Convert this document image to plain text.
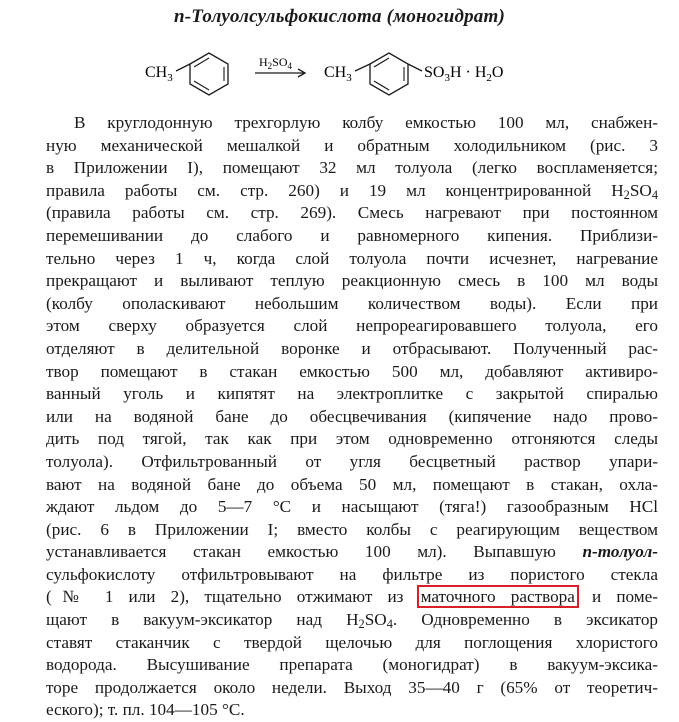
п-Толуолсульфокислота (моногидрат)
$CH_3$
$H_2SO_4$ $CH_3$	$SO_3H \cdot H_2O$
В круглодонную трехгорлую колбу емкостью 100 мл, снабжен-
ную механической мешалкой и обратным холодильником (рис. 3
в Приложении I), помещают 32 мл толуола (легко воспламеняется;
правила работы см. стр. 260) и 19 мл концентрированной $H_2SO_4$
(правила работы см. стр. 269). Смесь нагревают при постоянном
перемешивании до слабого и равномерного кипения. Приблизи-
тельно через 1 ч, когда слой толуола почти исчезнет, нагревание
прекращают и выливают теплую реакционную смесь в 100 мл воды
(колбу ополаскивают небольшим количеством воды). Если при
этом сверху образуется слой непрореагировавшего толуола, его
отделяют в делительной воронке и отбрасывают. Полученный рас-
твор помещают в стакан емкостью 500 мл, добавляют активиро-
ванный уголь и кипятят на электроплитке с закрытой спиралью
или на водяной бане до обесцвечивания (кипячение надо прово-
дить под тягой, так как при этом одновременно отгоняются следы
толуола). Отфильтрованный от угля бесцветный раствор упари-
вают на водяной бане до объема 50 мл, помещают в стакан, охла-
ждают льдом до 5—7 °С и насыщают (тяга!) газообразным HCl
(рис. 6 в Приложении I; вместо колбы с реагирующим веществом
устанавливается стакан емкостью 100 мл). Выпавшую п-толуол-
сульфокислоту отфильтровывают на фильтре из пористого стекла
(№ 1 или 2), тщательно отжимают из маточного раствора и поме-
щают в вакуум-эксикатор над $H_2SO_4$. Одновременно в эксикатор
ставят стаканчик с твердой щелочью для поглощения хлористого
водорода. Высушивание препарата (моногидрат) в вакуум-эксика-
торе продолжается около недели. Выход 35—40 г (65% от теоретич-
еского); т. пл. 104—105 °С.
